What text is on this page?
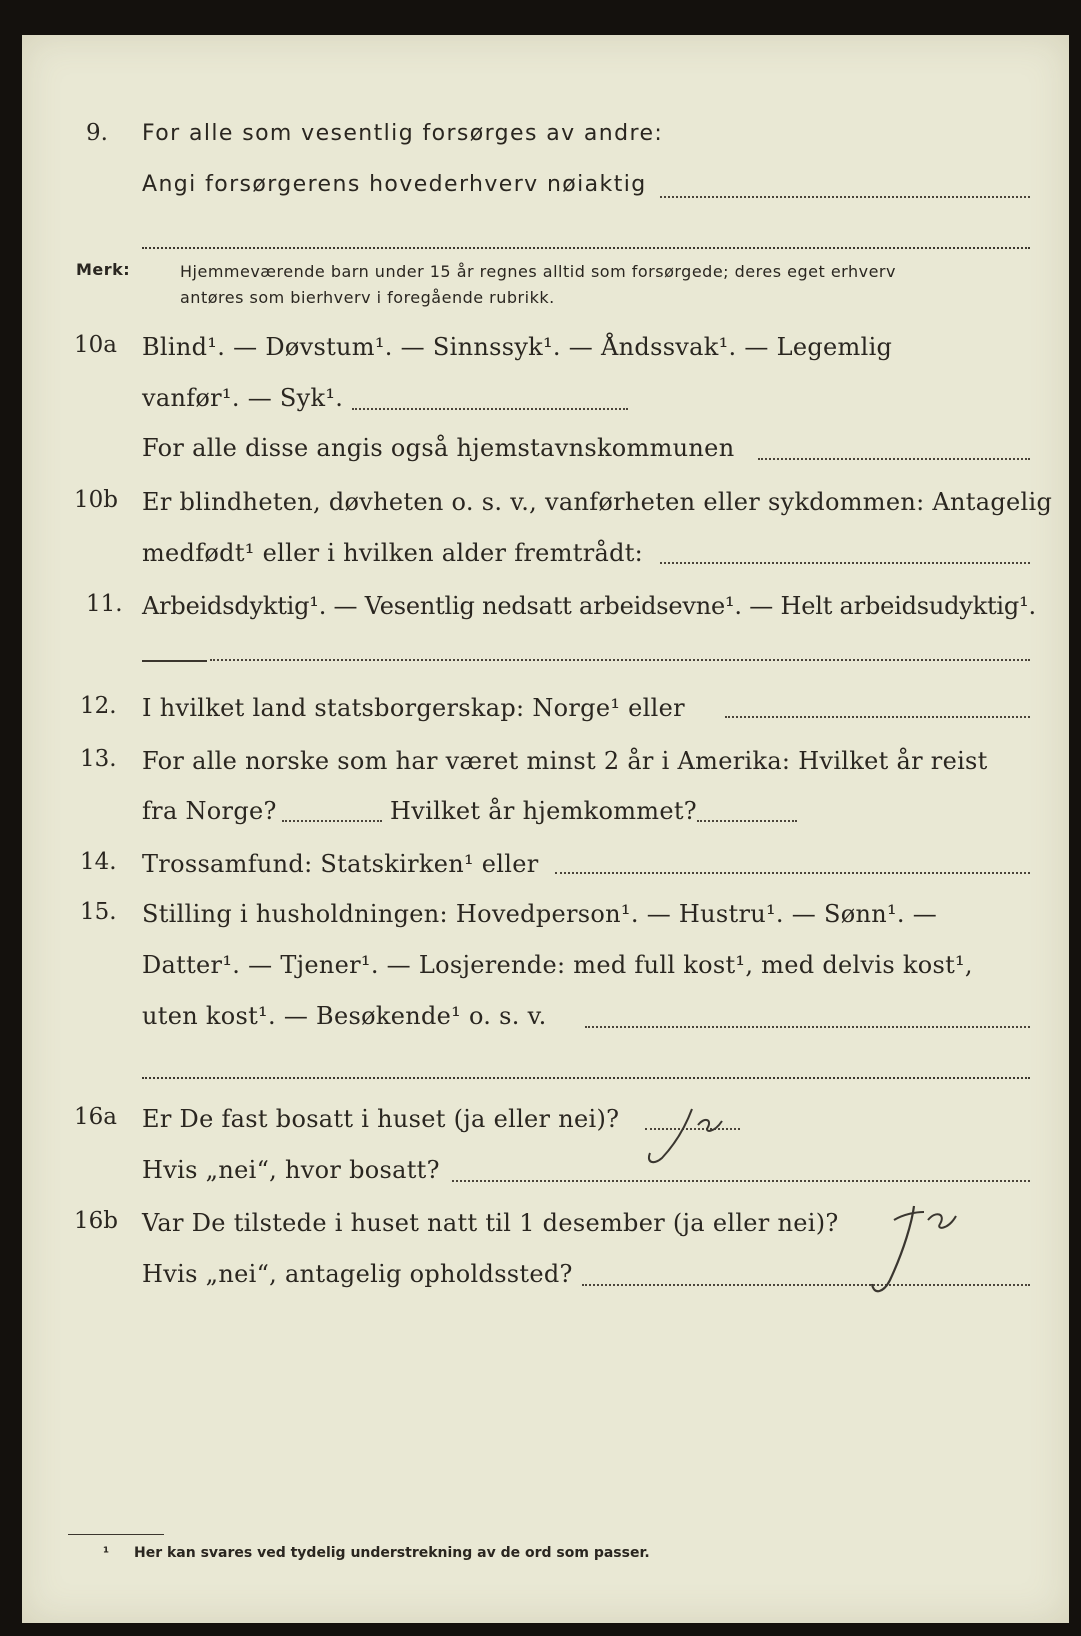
9. For alle som vesentlig forsørges av andre:
Angi forsørgerens hovederhverv nøiaktig
Merk:	Hjemmeværende barn under 15 år regnes alltid som forsørgede; deres eget erhverv
antøres som bierhverv i foregående rubrikk.
10a Blind¹. — Døvstum¹. — Sinnssyk¹. — Åndssvak¹. — Legemlig
vanfør¹. — Syk¹.
For alle disse angis også hjemstavnskommunen
10b Er blindheten, døvheten o. s. v., vanførheten eller sykdommen: Antagelig
medfødt¹ eller i hvilken alder fremtrådt:
11. Arbeidsdyktig¹. — Vesentlig nedsatt arbeidsevne¹. — Helt arbeidsudyktig¹.
12. I hvilket land statsborgerskap: Norge¹ eller
13. For alle norske som har været minst 2 år i Amerika: Hvilket år reist
fra Norge?	Hvilket år hjemkommet?
14. Trossamfund: Statskirken¹ eller
15. Stilling i husholdningen: Hovedperson¹. — Hustru¹. — Sønn¹. —
Datter¹. — Tjener¹. — Losjerende: med full kost¹, med delvis kost¹,
uten kost¹. — Besøkende¹ o. s. v.
16a Er De fast bosatt i huset (ja eller nei)?
Hvis „nei“, hvor bosatt?
16b Var De tilstede i huset natt til 1 desember (ja eller nei)?
Hvis „nei“, antagelig opholdssted?
¹ Her kan svares ved tydelig understrekning av de ord som passer.
